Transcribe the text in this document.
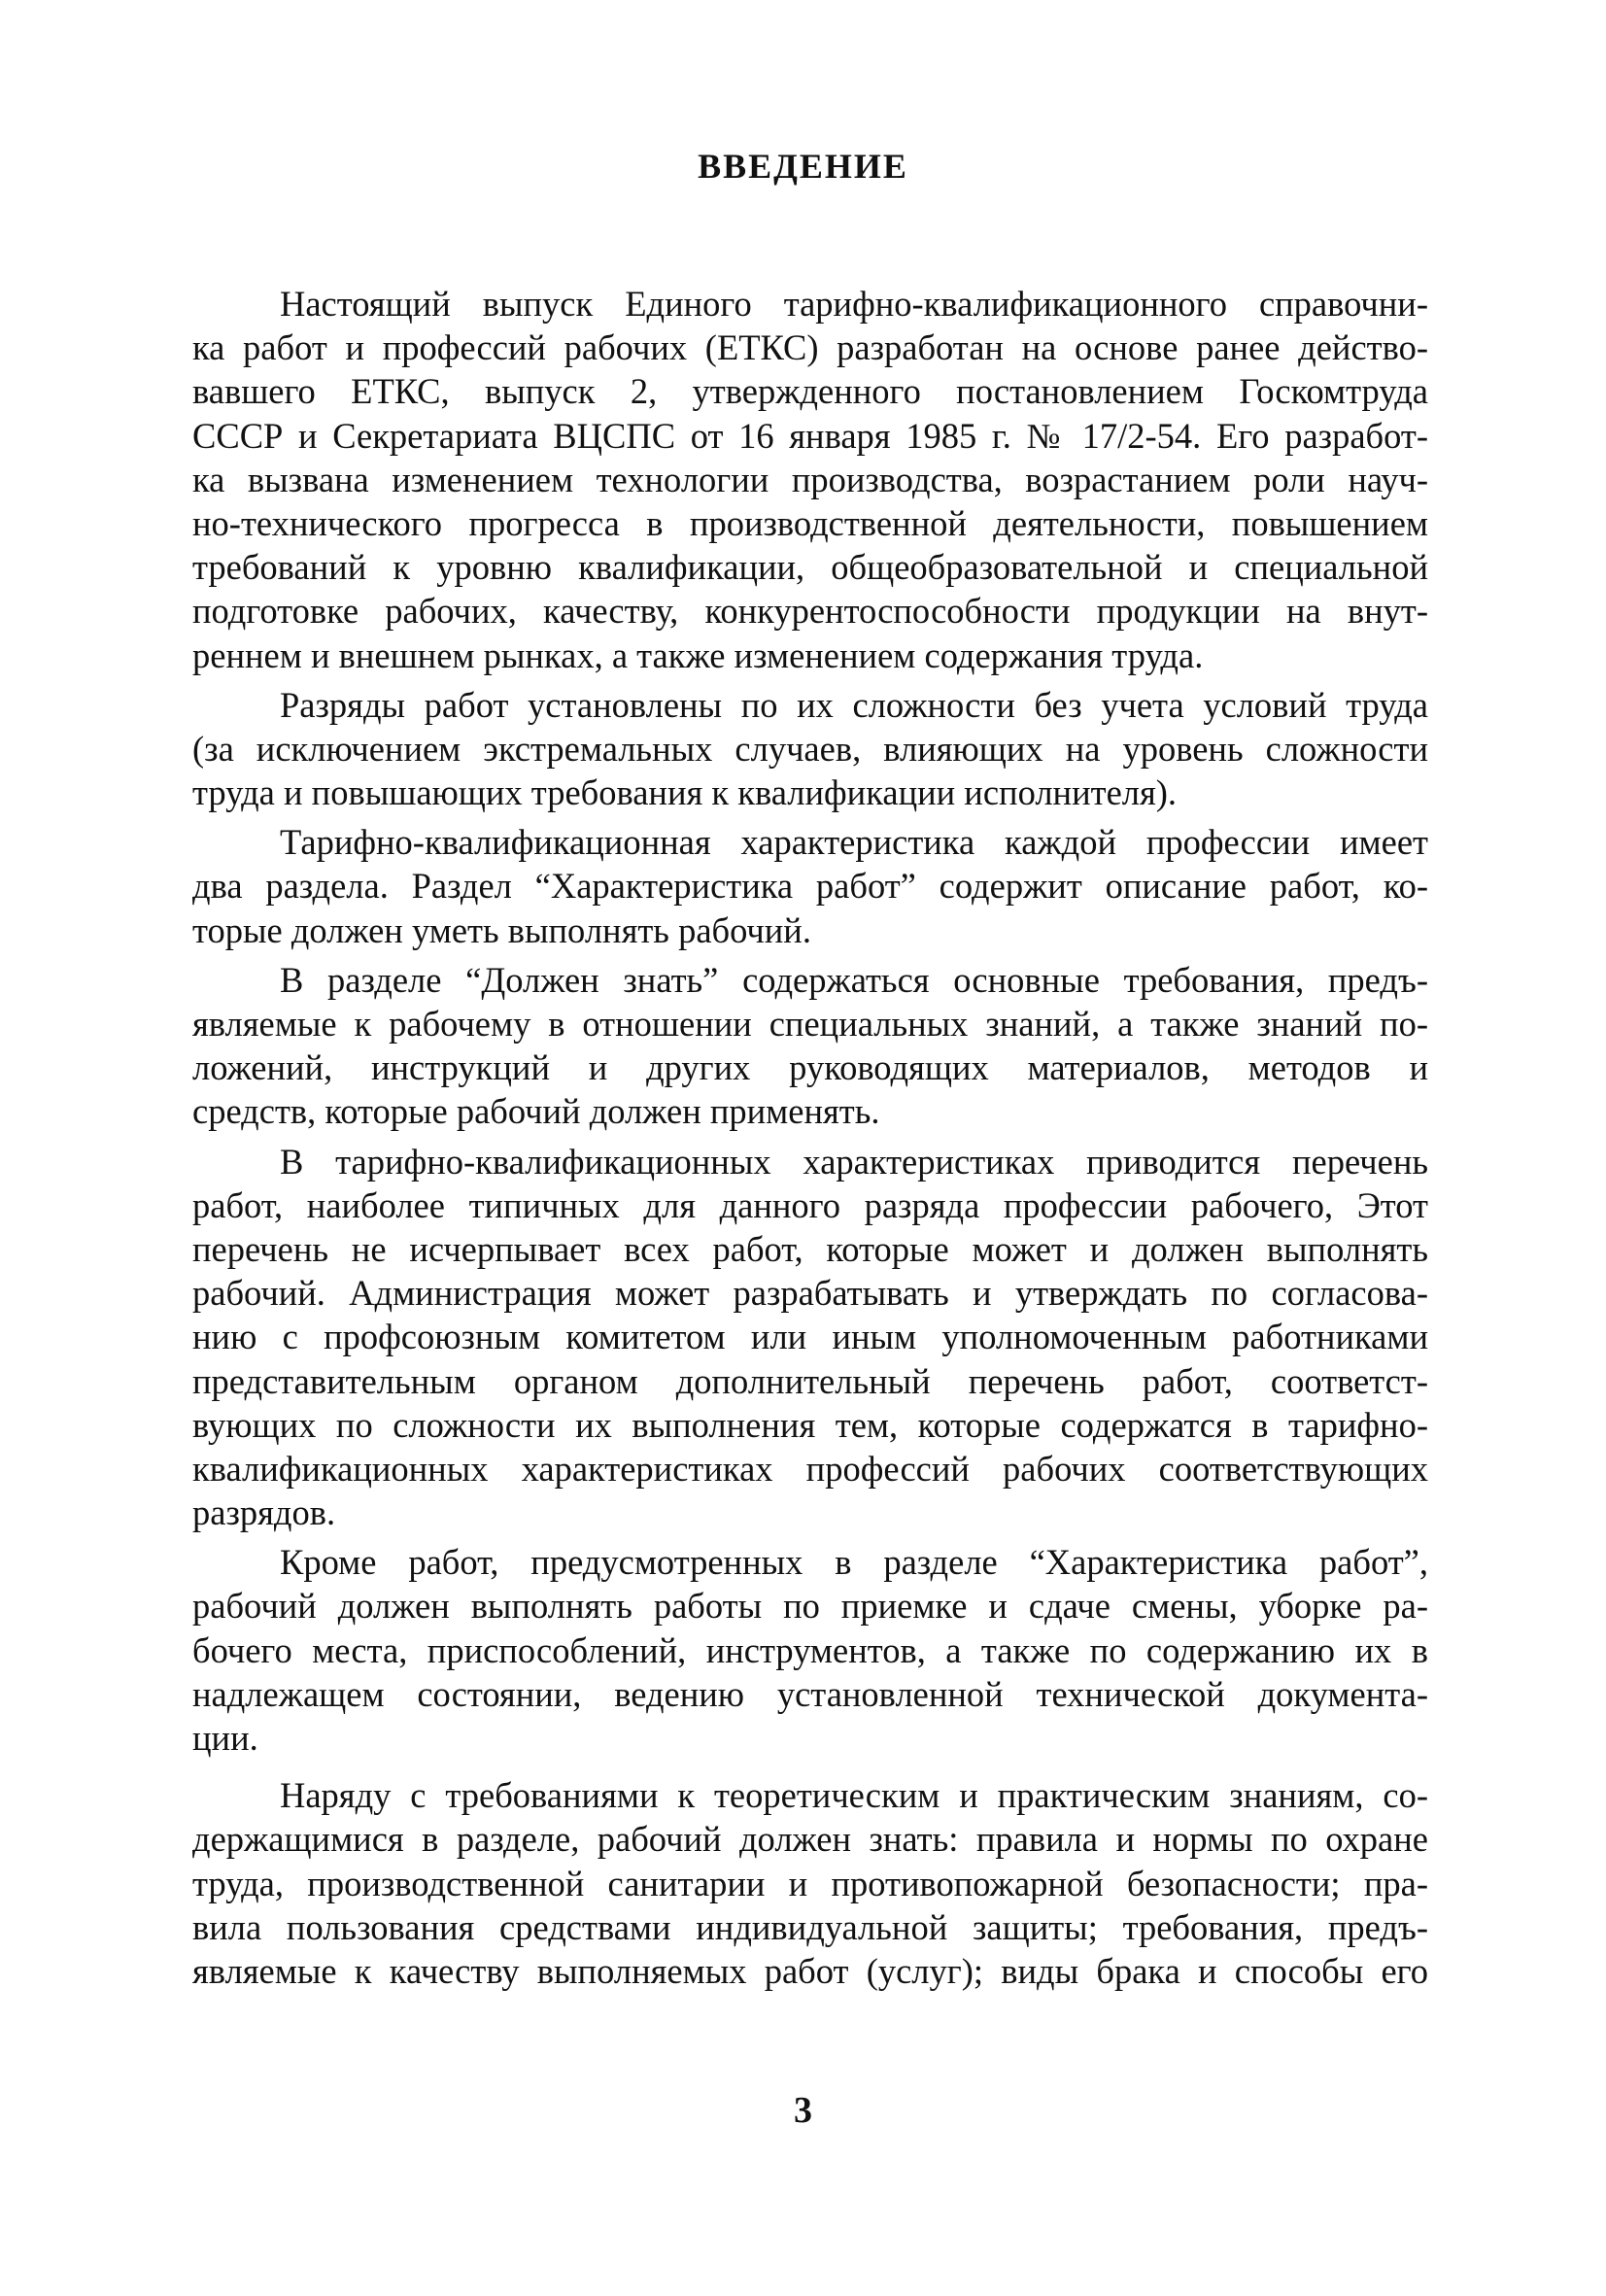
ВВЕДЕНИЕ
Настоящий выпуск Единого тарифно-квалификационного справочни-
ка работ и профессий рабочих (ЕТКС) разработан на основе ранее действо-
вавшего ЕТКС, выпуск 2, утвержденного постановлением Госкомтруда
СССР и Секретариата ВЦСПС от 16 января 1985 г. № 17/2-54. Его разработ-
ка вызвана изменением технологии производства, возрастанием роли науч-
но-технического прогресса в производственной деятельности, повышением
требований к уровню квалификации, общеобразовательной и специальной
подготовке рабочих, качеству, конкурентоспособности продукции на внут-
реннем и внешнем рынках, а также изменением содержания труда.
Разряды работ установлены по их сложности без учета условий труда
(за исключением экстремальных случаев, влияющих на уровень сложности
труда и повышающих требования к квалификации исполнителя).
Тарифно-квалификационная характеристика каждой профессии имеет
два раздела. Раздел “Характеристика работ” содержит описание работ, ко-
торые должен уметь выполнять рабочий.
В разделе “Должен знать” содержаться основные требования, предъ-
являемые к рабочему в отношении специальных знаний, а также знаний по-
ложений, инструкций и других руководящих материалов, методов и
средств, которые рабочий должен применять.
В тарифно-квалификационных характеристиках приводится перечень
работ, наиболее типичных для данного разряда профессии рабочего, Этот
перечень не исчерпывает всех работ, которые может и должен выполнять
рабочий. Администрация может разрабатывать и утверждать по согласова-
нию с профсоюзным комитетом или иным уполномоченным работниками
представительным органом дополнительный перечень работ, соответст-
вующих по сложности их выполнения тем, которые содержатся в тарифно-
квалификационных характеристиках профессий рабочих соответствующих
разрядов.
Кроме работ, предусмотренных в разделе “Характеристика работ”,
рабочий должен выполнять работы по приемке и сдаче смены, уборке ра-
бочего места, приспособлений, инструментов, а также по содержанию их в
надлежащем состоянии, ведению установленной технической документа-
ции.
Наряду с требованиями к теоретическим и практическим знаниям, со-
держащимися в разделе, рабочий должен знать: правила и нормы по охране
труда, производственной санитарии и противопожарной безопасности; пра-
вила пользования средствами индивидуальной защиты; требования, предъ-
являемые к качеству выполняемых работ (услуг); виды брака и способы его
3
